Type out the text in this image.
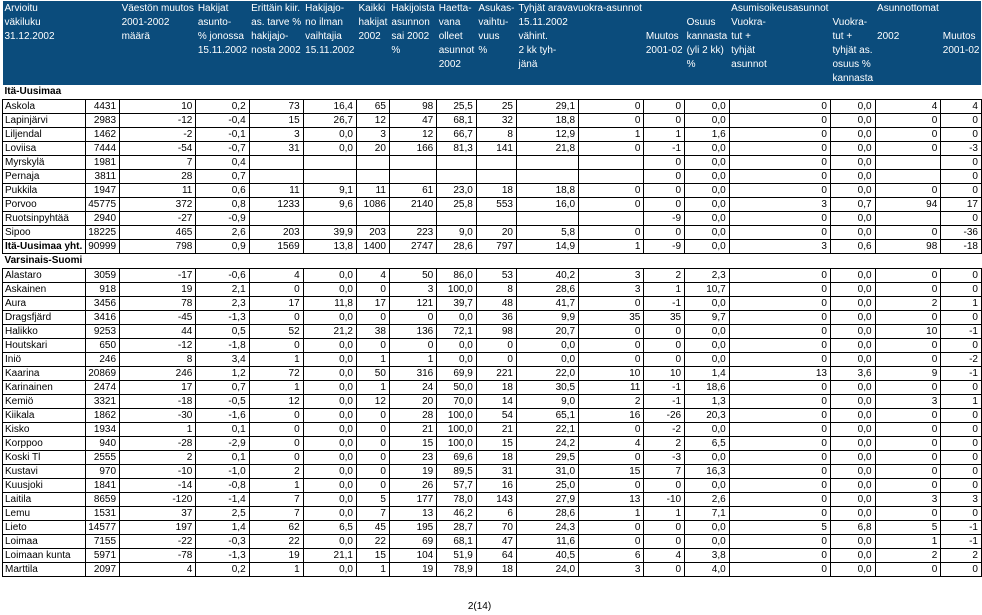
Arvioitu		Väestön muutos	Hakijat	Erittäin kiir.	Hakijajo-	Kaikki	Hakijoista	Haetta-	Asukas-	Tyhjät aravavuokra-asunnot				Asumisoikeusasunnot		Asunnottomat	
väkiluku		2001-2002	asunto-	as. tarve %	no ilman	hakijat	asunnon	vana	vaihtu-	15.11.2002			Osuus	Vuokra-	Vuokra-		
31.12.2002		määrä	% jonossa	hakijajo-	vaihtajia	2002	sai 2002	olleet	vuus	vähint.		Muutos	kannasta	tut +	tut +	2002	Muutos
			15.11.2002	nosta 2002	15.11.2002		%	asunnot	%	2 kk tyh-		2001-02	(yli 2 kk)	tyhjät	tyhjät as.		2001-02
								2002		jänä			%	asunnot	osuus %		
															kannasta		
Itä-Uusimaa																	
Askola	4431	10	0,2	73	16,4	65	98	25,5	25	29,1	0	0	0,0	0	0,0	4	4
Lapinjärvi	2983	-12	-0,4	15	26,7	12	47	68,1	32	18,8	0	0	0,0	0	0,0	0	0
Liljendal	1462	-2	-0,1	3	0,0	3	12	66,7	8	12,9	1	1	1,6	0	0,0	0	0
Loviisa	7444	-54	-0,7	31	0,0	20	166	81,3	141	21,8	0	-1	0,0	0	0,0	0	-3
Myrskylä	1981	7	0,4									0	0,0	0	0,0		0
Pernaja	3811	28	0,7									0	0,0	0	0,0		0
Pukkila	1947	11	0,6	11	9,1	11	61	23,0	18	18,8	0	0	0,0	0	0,0	0	0
Porvoo	45775	372	0,8	1233	9,6	1086	2140	25,8	553	16,0	0	0	0,0	3	0,7	94	17
Ruotsinpyhtää	2940	-27	-0,9									-9	0,0	0	0,0		0
Sipoo	18225	465	2,6	203	39,9	203	223	9,0	20	5,8	0	0	0,0	0	0,0	0	-36
Itä-Uusimaa yht.	90999	798	0,9	1569	13,8	1400	2747	28,6	797	14,9	1	-9	0,0	3	0,6	98	-18
Varsinais-Suomi																	
Alastaro	3059	-17	-0,6	4	0,0	4	50	86,0	53	40,2	3	2	2,3	0	0,0	0	0
Askainen	918	19	2,1	0	0,0	0	3	100,0	8	28,6	3	1	10,7	0	0,0	0	0
Aura	3456	78	2,3	17	11,8	17	121	39,7	48	41,7	0	-1	0,0	0	0,0	2	1
Dragsfjärd	3416	-45	-1,3	0	0,0	0	0	0,0	36	9,9	35	35	9,7	0	0,0	0	0
Halikko	9253	44	0,5	52	21,2	38	136	72,1	98	20,7	0	0	0,0	0	0,0	10	-1
Houtskari	650	-12	-1,8	0	0,0	0	0	0,0	0	0,0	0	0	0,0	0	0,0	0	0
Iniö	246	8	3,4	1	0,0	1	1	0,0	0	0,0	0	0	0,0	0	0,0	0	-2
Kaarina	20869	246	1,2	72	0,0	50	316	69,9	221	22,0	10	10	1,4	13	3,6	9	-1
Karinainen	2474	17	0,7	1	0,0	1	24	50,0	18	30,5	11	-1	18,6	0	0,0	0	0
Kemiö	3321	-18	-0,5	12	0,0	12	20	70,0	14	9,0	2	-1	1,3	0	0,0	3	1
Kiikala	1862	-30	-1,6	0	0,0	0	28	100,0	54	65,1	16	-26	20,3	0	0,0	0	0
Kisko	1934	1	0,1	0	0,0	0	21	100,0	21	22,1	0	-2	0,0	0	0,0	0	0
Korppoo	940	-28	-2,9	0	0,0	0	15	100,0	15	24,2	4	2	6,5	0	0,0	0	0
Koski Tl	2555	2	0,1	0	0,0	0	23	69,6	18	29,5	0	-3	0,0	0	0,0	0	0
Kustavi	970	-10	-1,0	2	0,0	0	19	89,5	31	31,0	15	7	16,3	0	0,0	0	0
Kuusjoki	1841	-14	-0,8	1	0,0	0	26	57,7	16	25,0	0	0	0,0	0	0,0	0	0
Laitila	8659	-120	-1,4	7	0,0	5	177	78,0	143	27,9	13	-10	2,6	0	0,0	3	3
Lemu	1531	37	2,5	7	0,0	7	13	46,2	6	28,6	1	1	7,1	0	0,0	0	0
Lieto	14577	197	1,4	62	6,5	45	195	28,7	70	24,3	0	0	0,0	5	6,8	5	-1
Loimaa	7155	-22	-0,3	22	0,0	22	69	68,1	47	11,6	0	0	0,0	0	0,0	1	-1
Loimaan kunta	5971	-78	-1,3	19	21,1	15	104	51,9	64	40,5	6	4	3,8	0	0,0	2	2
Marttila	2097	4	0,2	1	0,0	1	19	78,9	18	24,0	3	0	4,0	0	0,0	0	0
2(14)
